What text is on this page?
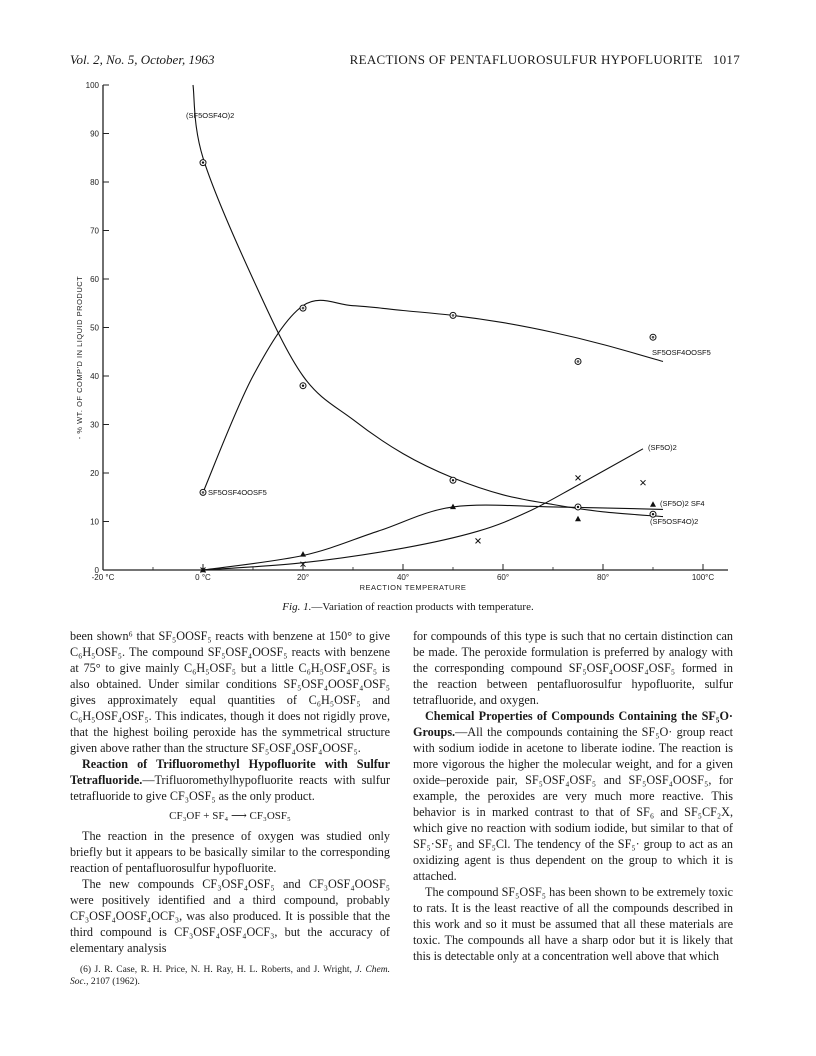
Vol. 2, No. 5, October, 1963	REACTIONS OF PENTAFLUOROSULFUR HYPOFLUORITE 1017
0
10
20
30
40
50
60
70
80
90
100
-20 °C	0 °C	20°	40°	60°	80°	100°C
REACTION TEMPERATURE
- % WT. OF COMP'D IN LIQUID PRODUCT
(SF5OSF4O)2
SF5OSF4OOSF5
SF5OSF4OOSF5
(SF5O)2
(SF5O)2 SF4
(SF5OSF4O)2
Fig. 1.—Variation of reaction products with temperature.

been shown⁶ that SF₅OOSF₅ reacts with benzene at 150° to give C₆H₅OSF₅. The compound SF₅OSF₄OOSF₅ reacts with benzene at 75° to give mainly C₆H₅OSF₅ but a little C₆H₅OSF₄OSF₅ is also obtained. Under similar conditions SF₅OSF₄OOSF₄OSF₅ gives approximately equal quantities of C₆H₅OSF₅ and C₆H₅OSF₄OSF₅. This indicates, though it does not rigidly prove, that the highest boiling peroxide has the symmetrical structure given above rather than the structure SF₅OSF₄OSF₄OOSF₅.

Reaction of Trifluoromethyl Hypofluorite with Sulfur Tetrafluoride.—Trifluoromethylhypofluorite reacts with sulfur tetrafluoride to give CF₃OSF₅ as the only product.

CF₃OF + SF₄ ⟶ CF₃OSF₅

The reaction in the presence of oxygen was studied only briefly but it appears to be basically similar to the corresponding reaction of pentafluorosulfur hypofluorite.

The new compounds CF₃OSF₄OSF₅ and CF₃OSF₄OOSF₅ were positively identified and a third compound, probably CF₃OSF₄OOSF₄OCF₃, was also produced. It is possible that the third compound is CF₃OSF₄OSF₄OCF₃, but the accuracy of elementary analysis

(6) J. R. Case, R. H. Price, N. H. Ray, H. L. Roberts, and J. Wright, J. Chem. Soc., 2107 (1962).

for compounds of this type is such that no certain distinction can be made. The peroxide formulation is preferred by analogy with the corresponding compound SF₅OSF₄OOSF₄OSF₅ formed in the reaction between pentafluorosulfur hypofluorite, sulfur tetrafluoride, and oxygen.

Chemical Properties of Compounds Containing the SF₅O· Groups.—All the compounds containing the SF₅O· group react with sodium iodide in acetone to liberate iodine. The reaction is more vigorous the higher the molecular weight, and for a given oxide–peroxide pair, SF₅OSF₄OSF₅ and SF₅OSF₄OOSF₅, for example, the peroxides are very much more reactive. This behavior is in marked contrast to that of SF₆ and SF₅CF₂X, which give no reaction with sodium iodide, but similar to that of SF₅·SF₅ and SF₅Cl. The tendency of the SF₅· group to act as an oxidizing agent is thus dependent on the group to which it is attached.

The compound SF₅OSF₅ has been shown to be extremely toxic to rats. It is the least reactive of all the compounds described in this work and so it must be assumed that all these materials are toxic. The compounds all have a sharp odor but it is likely that this is detectable only at a concentration well above that which
